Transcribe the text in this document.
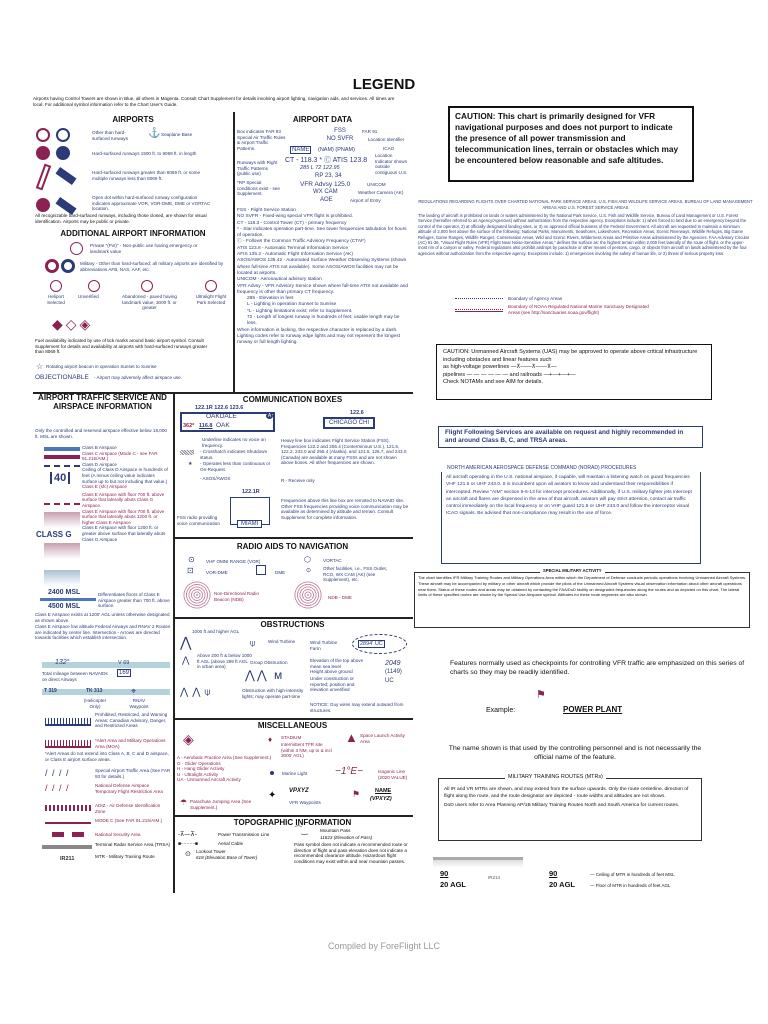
LEGEND
Airports having Control Towers are shown in Blue, all others in Magenta. Consult Chart Supplement for details involving airport lighting, navigation aids, and services. All times are local. For additional symbol information refer to the Chart User's Guide.
AIRPORTS
Other than hard-surfaced runways	⚓ Seaplane Base
Hard-surfaced runways 1500 ft. to 8069 ft. in length
Hard-surfaced runways greater than 8069 ft. or some multiple runways less than 8069 ft.
Open dot within hard-surfaced runway configuration indicates approximate VOR, VOR-DME, DME or VORTAC location.
All recognizable hard-surfaced runways, including those closed, are shown for visual identification. Airports may be public or private.
ADDITIONAL AIRPORT INFORMATION
Private "(Pvt)" - Non-public use having emergency or landmark value
Military - Other than hard-surfaced; all military airports are identified by abbreviations AFB, NAS, AAF, etc.
Heliport Selected
Unverified	Abandoned - paved having landmark value, 3000 ft. or greater
Ultralight Flight Park Selected
◆◇◈
Fuel availability indicated by use of tick marks around basic airport symbol. Consult Supplement for details and availability at airports with hard-surfaced runways greater than 8069 ft.
☆ Rotating airport beacon in operation Sunset to Sunrise
OBJECTIONABLE - Airport may adversely affect airspace use.
AIRPORT DATA
Box indicates FAR 93 Special Air Traffic Rules & Airport Traffic Patterns.
Runways with Right Traffic Patterns (public use)
*RP Special conditions exist - see Supplement.
FSS
NO SVFR
NAME	(NAM) (PNAM)
CT - 118.3 * Ⓒ ATIS 123.8
285 L 72 122.95
RP 23, 34
VFR Advsy 125.0
WX CAM
AOE
FAR 91
Location Identifier
ICAO
Location Indicator shown outside contiguous U.S.
UNICOM
Weather Camera (AK)
Airport of Entry
FSS - Flight Service Station
NO SVFR - Fixed-wing special VFR flight is prohibited.
CT - 118.3 - Control Tower (CT) - primary frequency
* - Star indicates operation part-time. See tower frequencies tabulation for hours of operation.
Ⓒ - Follows the Common Traffic Advisory Frequency (CTAF)
ATIS 123.8 - Automatic Terminal Information Service
AFIS 135.2 - Automatic Flight Information Service (AK)
ASOS/AWOS 135.42 - Automated Surface Weather Observing Systems (shown where full-time ATIS not available). Some ASOS/AWOS facilities may not be located at airports.
UNICOM - Aeronautical advisory station
VFR Advsy - VFR Advisory Service shown where full-time ATIS not available and frequency is other than primary CT frequency.
285 - Elevation in feet
L - Lighting in operation Sunset to Sunrise
*L - Lighting limitations exist; refer to Supplement.
72 - Length of longest runway in hundreds of feet; usable length may be less.
When information is lacking, the respective character is replaced by a dash. Lighting codes refer to runway edge lights and may not represent the longest runway or full length lighting.
AIRPORT TRAFFIC SERVICE AND AIRSPACE INFORMATION
Only the controlled and reserved airspace effective below 18,000 ft. MSL are shown.
40
CLASS G
Class B Airspace
Class C Airspace (Mode C - see FAR 91.215/AIM.)
Class D Airspace
Ceiling of Class D Airspace in hundreds of feet (A minus ceiling value indicates surface up to but not including that value.)
Class E (sfc) Airspace
Class E Airspace with floor 700 ft. above surface that laterally abuts Class G Airspace.
Class E Airspace with floor 700 ft. above surface that laterally abuts 1200 ft. or higher Class E Airspace
Class E Airspace with floor 1200 ft. or greater above surface that laterally abuts Class G Airspace
2400 MSL
4500 MSL
Differentiates floors of Class E Airspace greater than 700 ft. above surface.
Class E Airspace exists at 1200' AGL unless otherwise designated as shown above.
Class E Airspace low altitude Federal Airways and RNAV 2 Routes are indicated by center line. Intersection - Arrows are directed towards facilities which establish intersection.
132°	V 69
Total mileage between NAVAIDs on direct Airways
169
T 319	TK 313	⌖
(Helicopter Only)
RNAV Waypoint
Prohibited, Restricted, and Warning Areas; Canadian Advisory, Danger, and Restricted Areas
*Alert Area and Military Operations Area (MOA)
*Alert Areas do not extend into Class A, B, C and D airspace, or Class E airport surface areas.
/ / / /	Special Airport Traffic Area (See FAR 93 for details.)
/ / / /	National Defense Airspace Temporary Flight Restriction Area
ADIZ - Air Defense Identification Zone
MODE C (See FAR 91.215/AIM.)
National Security Area
Terminal Radar Service Area (TRSA)
IR211	MTR - Military Training Route
COMMUNICATION BOXES
122.1R 122.6 123.6
OAKDALE
362* 116.8 OAK
A	122.6
CHICAGO CHI
Underline indicates no voice on frequency.
- Crosshatch indicates Shutdown status.
★ - Operates less than continuous or On-Request.
- ASOS/AWOS
Heavy line box indicates Flight Service Station (FSS). Frequencies 122.2 and 255.4 (Conterminous U.S.), 121.5, 122.2, 243.0 and 255.4 (Alaska), and 121.5, 126.7, and 243.0 (Canada) are available at many FSSs and are not shown above boxes. All other frequencies are shown.
R - Receive only
122.1R
MIAMI
FSS radio providing voice communication
Frequencies above this line box are remoted to NAVAID site. Other FSS frequencies providing voice communication may be available as determined by altitude and terrain. Consult Supplement for complete information.
RADIO AIDS TO NAVIGATION
⊙ VHF OMNI RANGE (VOR)
⊡	VOR-DME	DME
⬡	VORTAC
⊙	Other facilities, i.e., FSS Outlet, RCO, WX CAM (AK) (see Supplement), etc.
Non-Directional Radio Beacon (NDB)	NDB - DME
OBSTRUCTIONS
1000 ft and higher AGL
⋀
⋀ Above 200 ft & below 1000 ft AGL (above 299 ft AGL in urban area)
⍦	Wind Turbine
Group Obstruction
⋀⋀ ᴍ
⋀⋀⍦	Obstruction with high-intensity lights; may operate part-time
Wind Turbine Farm
2894' UC
Elevation of the top above mean sea level	2049
Height above ground	(1149)
Under construction or reported; position and elevation unverified
UC
NOTICE: Guy wires may extend outward from structures.
MISCELLANEOUS
◈
A - Aerobatic Practice Area (See Supplement.)
G - Glider Operations
H - Hang Glider Activity
U - Ultralight Activity
UA - Unmanned Aircraft Activity
☂ Parachute Jumping Area (See Supplement.)
♦ STADIUM
Intermittent TFR site (within 3 NM, up to & incl 3000' AGL)
▲ Space Launch Activity Area
Marine Light	−1°E−	Isogonic Line (2020 VALUE)
✦ VPXYZ
VFR Waypoints
⚑	NAME
(VPXYZ)
TOPOGRAPHIC INFORMATION
-⊼—⊼-	Power Transmission Line
■- - - - -■	Aerial Cable
⊙ Lookout Tower
618 (Elevation Base of Tower)
⁀‿	Mountain Pass
11823 (Elevation of Pass)
Pass symbol does not indicate a recommended route or direction of flight and pass elevation does not indicate a recommended clearance altitude. Hazardous flight conditions may exist within and near mountain passes.
CAUTION: This chart is primarily designed for VFR navigational purposes and does not purport to indicate the presence of all power transmission and telecommunication lines, terrain or obstacles which may be encountered below reasonable and safe altitudes.
REGULATIONS REGARDING FLIGHTS OVER CHARTED NATIONAL PARK SERVICE AREAS, U.S. FISH AND WILDLIFE SERVICE AREAS, BUREAU OF LAND MANAGEMENT AREAS AND U.S. FOREST SERVICE AREAS
The landing of aircraft is prohibited on lands or waters administered by the National Park Service, U.S. Fish and Wildlife Service, Bureau of Land Management or U.S. Forest Service (hereafter referred to as Agency/Agencies) without authorization from the respective agency. Exceptions include: 1) when forced to land due to an emergency beyond the control of the operator, 2) at officially designated landing sites, or 3) on approved official business of the Federal Government. All aircraft are requested to maintain a minimum altitude of 2,000 feet above the surface of the following: National Parks, Monuments, Seashores, Lakeshores, Recreation Areas, Scenic Riverways, Wildlife Refuges, Big Game Refuges, Game Ranges, Wildlife Ranges, Conservation Areas, Wild and Scenic Rivers, Wilderness Areas and Primitive Areas administered by the Agencies. FAA Advisory Circular (AC) 91-36, "Visual Flight Rules (VFR) Flight Near Noise-Sensitive Areas," defines the surface as: the highest terrain within 2,000 feet laterally of the route of flight, or the upper-most rim of a canyon or valley. Federal regulations also prohibit airdrops by parachute or other means of persons, cargo, or objects from aircraft on lands administered by the four agencies without authorization from the respective agency. Exceptions include: 1) emergencies involving the safety of human life, or 2) threat of serious property loss.
Boundary of Agency Areas
Boundary of NOAA Regulated National Marine Sanctuary Designated Areas (see http://sanctuaries.noaa.gov/flight)
CAUTION: Unmanned Aircraft Systems (UAS) may be approved to operate above critical infrastructure including obstacles and linear features such
as high-voltage powerlines —⊼——⊼——⊼—
pipelines — — — — — — and railroads —+—+—+—
Check NOTAMs and see AIM for details.
Flight Following Services are available on request and highly recommended in and around Class B, C, and TRSA areas.
NORTH AMERICAN AEROSPACE DEFENSE COMMAND (NORAD) PROCEDURES
All aircraft operating in the U.S. national airspace, if capable, will maintain a listening watch on guard frequencies VHF 121.5 or UHF 243.0. It is incumbent upon all aviators to know and understand their responsibilities if intercepted. Review "AIM" section 5-6-13 for intercept procedures. Additionally, if U.S. military fighter jets intercept an aircraft and flares are dispensed in the area of that aircraft, aviators will pay strict attention, contact air traffic control immediately on the local frequency or on VHF guard 121.5 or UHF 243.0 and follow the interceptor visual ICAO signals. Be advised that non-compliance may result in the use of force.
SPECIAL MILITARY ACTIVITY
The chart identifies IFR Military Training Routes and Military Operations Area within which the Department of Defense conducts periodic operations involving Unmanned Aircraft Systems. These aircraft may be accompanied by military or other aircraft which provide the pilots of the Unmanned Aircraft Systems visual observation information about other aircraft operations near them. Status of these routes and areas may be obtained by contacting the FAA/DoD facility on designated frequencies along the routes and as depicted on this chart. The lateral limits of these specified routes are shown by the Special Use Airspace symbol. Altitudes for these route segments are also shown.
Features normally used as checkpoints for controlling VFR traffic are emphasized on this series of charts so they may be readily identified.
Example:
⚑
POWER PLANT
The name shown is that used by the controlling personnel and is not necessarily the official name of the feature.
MILITARY TRAINING ROUTES (MTRs)
All IR and VR MTRs are shown, and may extend from the surface upwards. Only the route centerline, direction of flight along the route, and the route designator are depicted - route widths and altitudes are not shown.
DoD users refer to Area Planning AP/1B Military Training Routes North and South America for current routes.
90
20 AGL
IR214	90
20 AGL
— Ceiling of MTR in hundreds of feet MSL
— Floor of MTR in hundreds of feet AGL
Compiled by ForeFlight LLC
